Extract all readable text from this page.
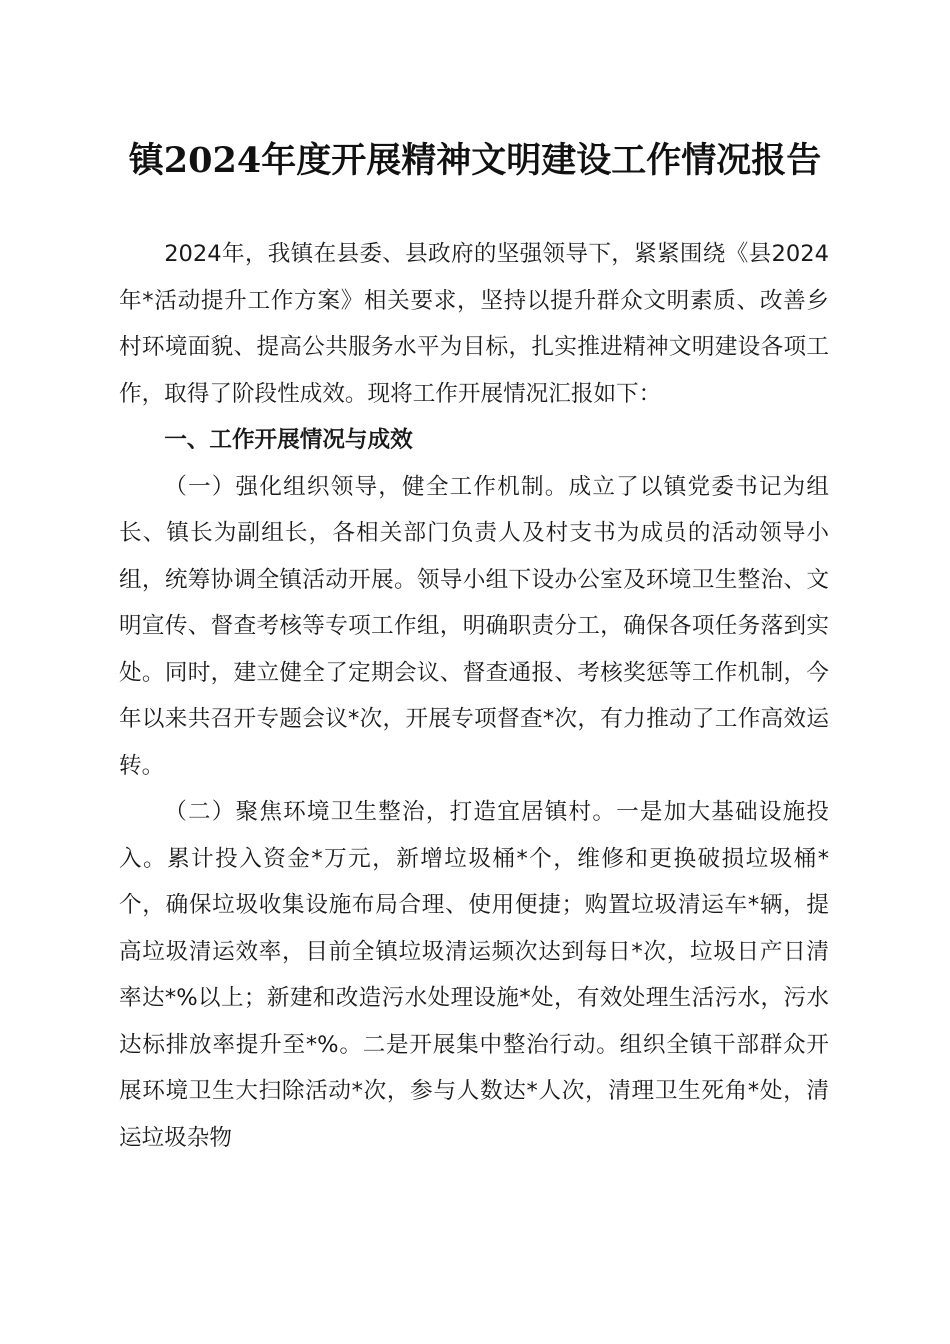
镇2024年度开展精神文明建设工作情况报告

2024年，我镇在县委、县政府的坚强领导下，紧紧围绕《县2024年*活动提升工作方案》相关要求，坚持以提升群众文明素质、改善乡村环境面貌、提高公共服务水平为目标，扎实推进精神文明建设各项工作，取得了阶段性成效。现将工作开展情况汇报如下：

一、工作开展情况与成效

（一）强化组织领导，健全工作机制。成立了以镇党委书记为组长、镇长为副组长，各相关部门负责人及村支书为成员的活动领导小组，统筹协调全镇活动开展。领导小组下设办公室及环境卫生整治、文明宣传、督查考核等专项工作组，明确职责分工，确保各项任务落到实处。同时，建立健全了定期会议、督查通报、考核奖惩等工作机制，今年以来共召开专题会议*次，开展专项督查*次，有力推动了工作高效运转。

（二）聚焦环境卫生整治，打造宜居镇村。一是加大基础设施投入。累计投入资金*万元，新增垃圾桶*个，维修和更换破损垃圾桶*个，确保垃圾收集设施布局合理、使用便捷；购置垃圾清运车*辆，提高垃圾清运效率，目前全镇垃圾清运频次达到每日*次，垃圾日产日清率达*%以上；新建和改造污水处理设施*处，有效处理生活污水，污水达标排放率提升至*%。二是开展集中整治行动。组织全镇干部群众开展环境卫生大扫除活动*次，参与人数达*人次，清理卫生死角*处，清运垃圾杂物
